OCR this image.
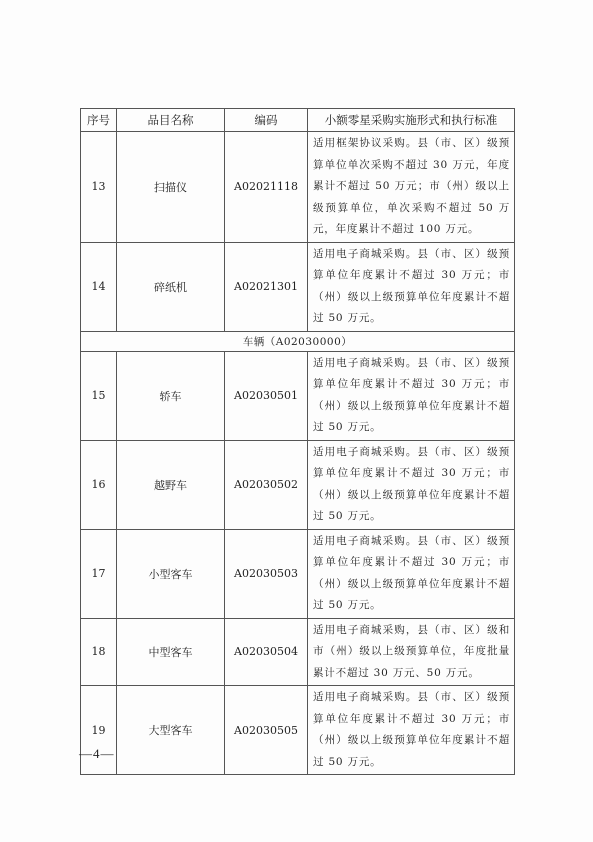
序号	品目名称	编码	小额零星采购实施形式和执行标准
13	扫描仪	A02021118	适用框架协议采购。县（市、区）级预算单位单次采购不超过 30 万元，年度累计不超过 50 万元；市（州）级以上级预算单位，单次采购不超过 50 万元，年度累计不超过 100 万元。
14	碎纸机	A02021301	适用电子商城采购。县（市、区）级预算单位年度累计不超过 30 万元；市（州）级以上级预算单位年度累计不超过 50 万元。
车辆（A02030000）			
15	轿车	A02030501	适用电子商城采购。县（市、区）级预算单位年度累计不超过 30 万元；市（州）级以上级预算单位年度累计不超过 50 万元。
16	越野车	A02030502	适用电子商城采购。县（市、区）级预算单位年度累计不超过 30 万元；市（州）级以上级预算单位年度累计不超过 50 万元。
17	小型客车	A02030503	适用电子商城采购。县（市、区）级预算单位年度累计不超过 30 万元；市（州）级以上级预算单位年度累计不超过 50 万元。
18	中型客车	A02030504	适用电子商城采购，县（市、区）级和市（州）级以上级预算单位，年度批量累计不超过 30 万元、50 万元。
19	大型客车	A02030505	适用电子商城采购。县（市、区）级预算单位年度累计不超过 30 万元；市（州）级以上级预算单位年度累计不超过 50 万元。
—4—
